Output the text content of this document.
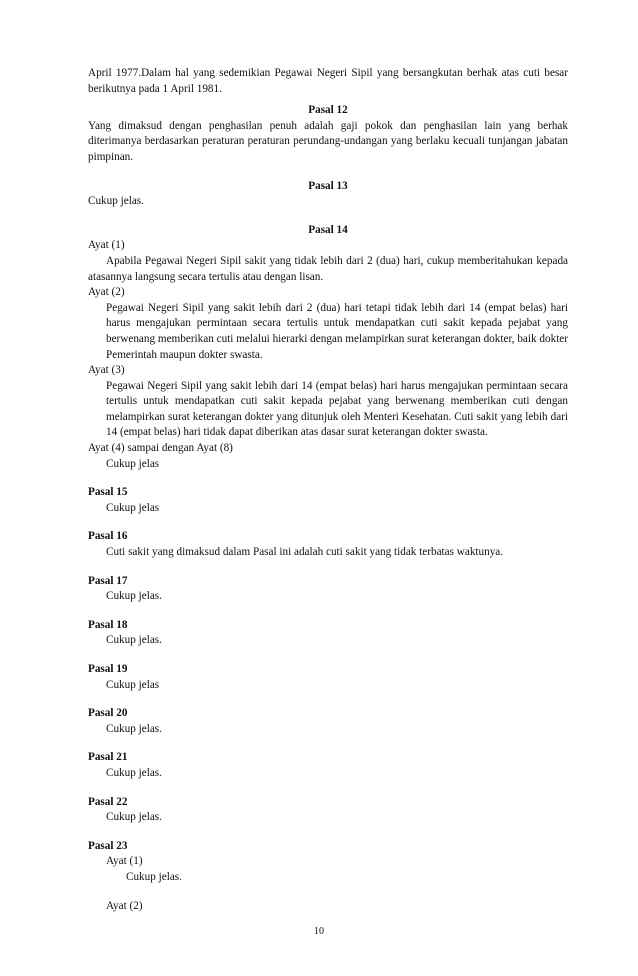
April 1977.Dalam hal yang sedemikian Pegawai Negeri Sipil yang bersangkutan berhak atas cuti besar berikutnya pada 1 April 1981.

Pasal 12

Yang dimaksud dengan penghasilan penuh adalah gaji pokok dan penghasilan lain yang berhak diterimanya berdasarkan peraturan peraturan perundang-undangan yang berlaku kecuali tunjangan jabatan pimpinan.

Pasal 13

Cukup jelas.

Pasal 14

Ayat (1)

Apabila Pegawai Negeri Sipil sakit yang tidak lebih dari 2 (dua) hari, cukup memberitahukan kepada atasannya langsung secara tertulis atau dengan lisan.

Ayat (2)

Pegawai Negeri Sipil yang sakit lebih dari 2 (dua) hari tetapi tidak lebih dari 14 (empat belas) hari harus mengajukan permintaan secara tertulis untuk mendapatkan cuti sakit kepada pejabat yang berwenang memberikan cuti melalui hierarki dengan melampirkan surat keterangan dokter, baik dokter Pemerintah maupun dokter swasta.

Ayat (3)

Pegawai Negeri Sipil yang sakit lebih dari 14 (empat belas) hari harus mengajukan permintaan secara tertulis untuk mendapatkan cuti sakit kepada pejabat yang berwenang memberikan cuti dengan melampirkan surat keterangan dokter yang ditunjuk oleh Menteri Kesehatan. Cuti sakit yang lebih dari 14 (empat belas) hari tidak dapat diberikan atas dasar surat keterangan dokter swasta.

Ayat (4) sampai dengan Ayat (8)

Cukup jelas

Pasal 15

Cukup jelas

Pasal 16

Cuti sakit yang dimaksud dalam Pasal ini adalah cuti sakit yang tidak terbatas waktunya.

Pasal 17

Cukup jelas.

Pasal 18

Cukup jelas.

Pasal 19

Cukup jelas

Pasal 20

Cukup jelas.

Pasal 21

Cukup jelas.

Pasal 22

Cukup jelas.

Pasal 23

Ayat (1)

Cukup jelas.

Ayat (2)

10
